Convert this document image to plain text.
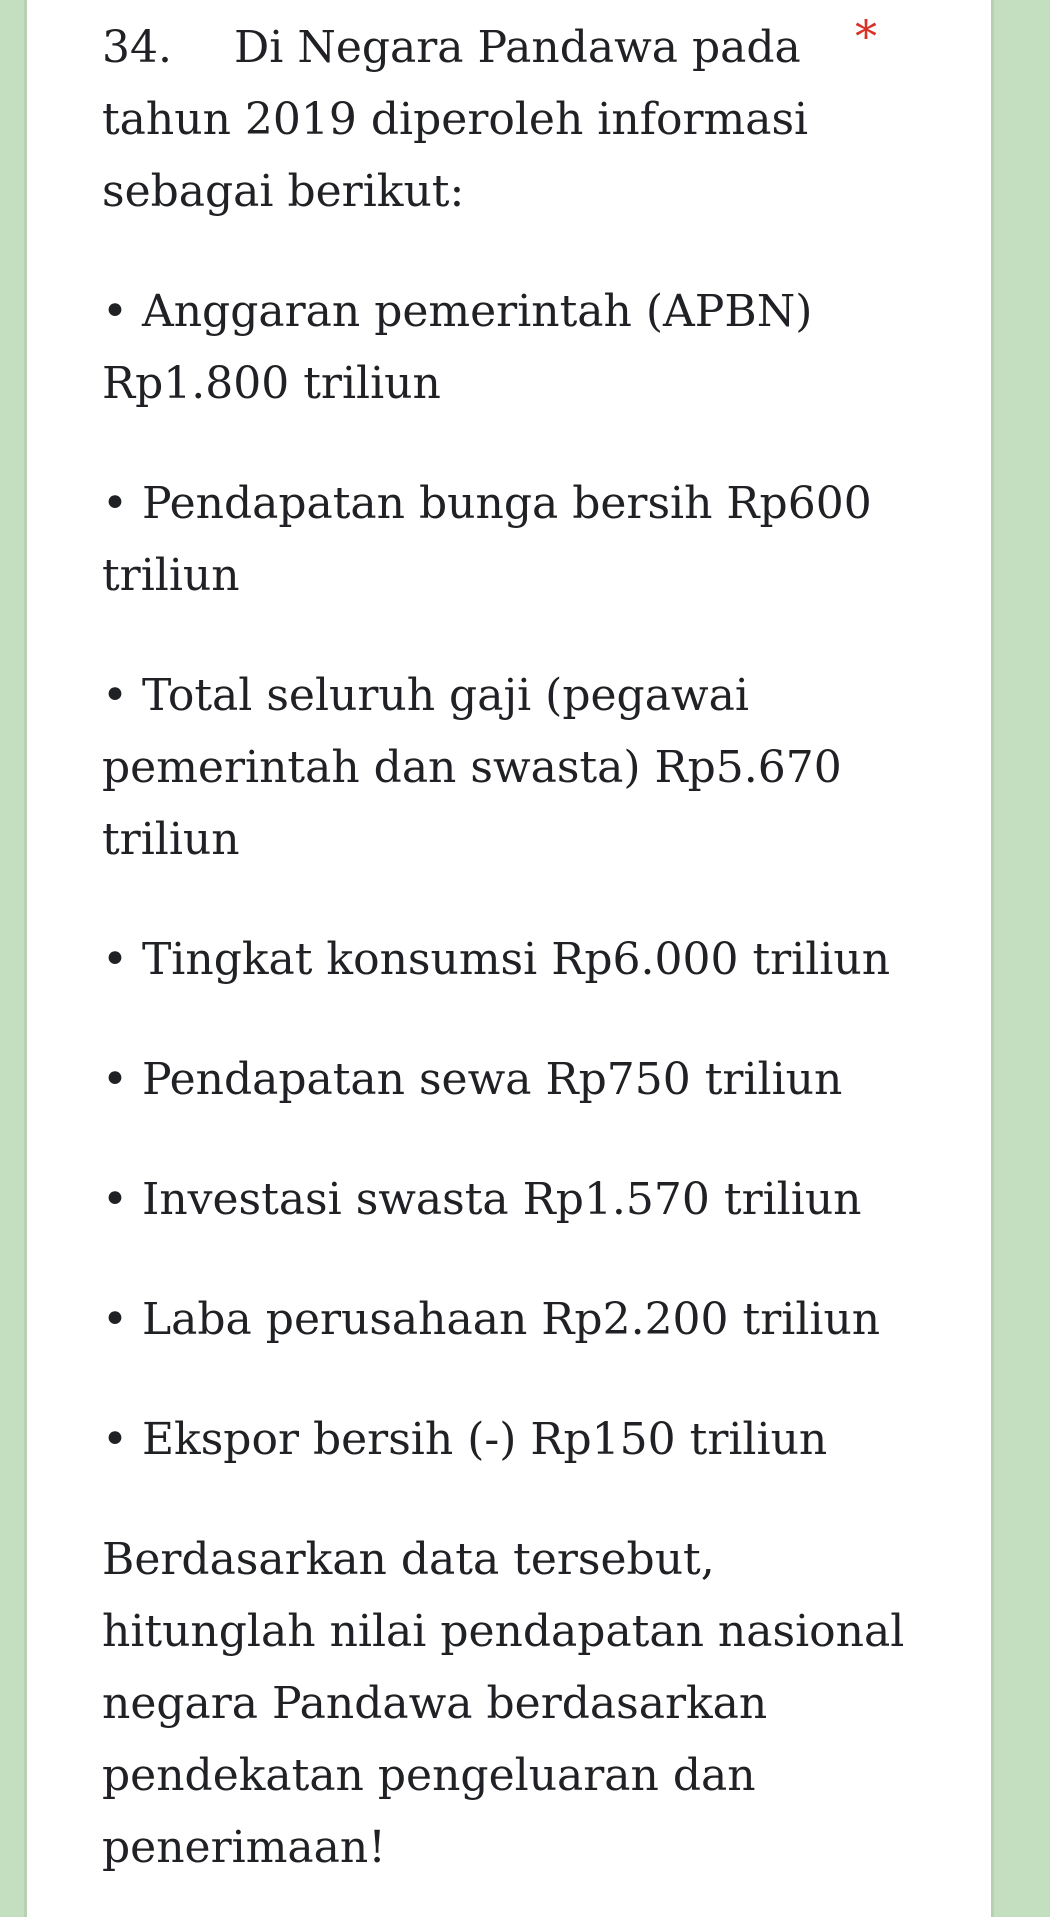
34. Di Negara Pandawa pada tahun 2019 diperoleh informasi sebagai berikut:
*

• Anggaran pemerintah (APBN) Rp1.800 triliun
• Pendapatan bunga bersih Rp600 triliun
• Total seluruh gaji (pegawai pemerintah dan swasta) Rp5.670 triliun
• Tingkat konsumsi Rp6.000 triliun
• Pendapatan sewa Rp750 triliun
• Investasi swasta Rp1.570 triliun
• Laba perusahaan Rp2.200 triliun
• Ekspor bersih (-) Rp150 triliun

Berdasarkan data tersebut, hitunglah nilai pendapatan nasional negara Pandawa berdasarkan pendekatan pengeluaran dan penerimaan!
